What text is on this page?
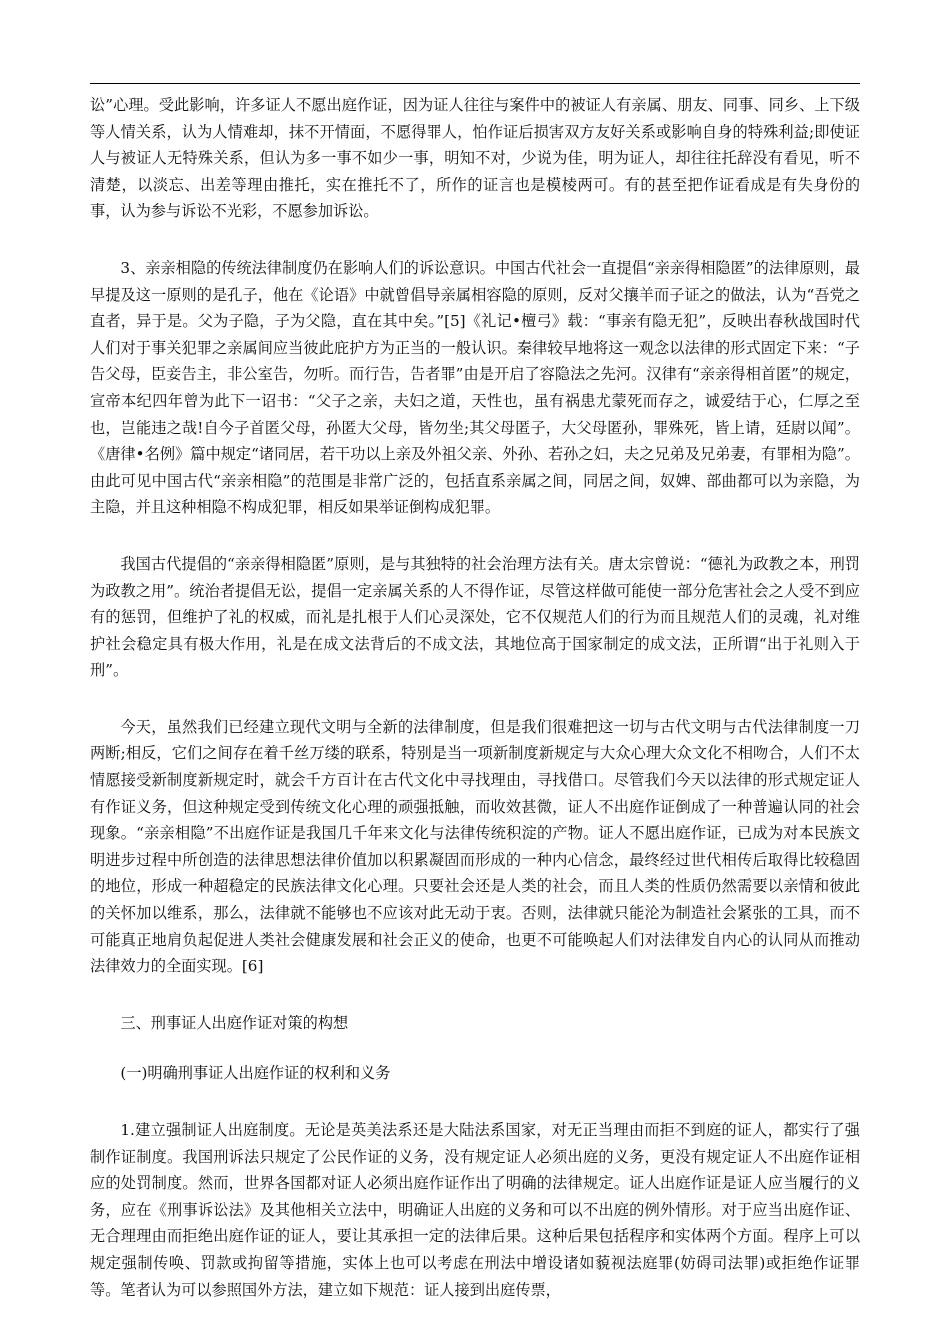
讼”心理。受此影响，许多证人不愿出庭作证，因为证人往往与案件中的被证人有亲属、朋友、同事、同乡、上下级等人情关系，认为人情难却，抹不开情面，不愿得罪人，怕作证后损害双方友好关系或影响自身的特殊利益;即使证人与被证人无特殊关系，但认为多一事不如少一事，明知不对，少说为佳，明为证人，却往往托辞没有看见，听不清楚，以淡忘、出差等理由推托，实在推托不了，所作的证言也是模棱两可。有的甚至把作证看成是有失身份的事，认为参与诉讼不光彩，不愿参加诉讼。

3、亲亲相隐的传统法律制度仍在影响人们的诉讼意识。中国古代社会一直提倡“亲亲得相隐匿”的法律原则，最早提及这一原则的是孔子，他在《论语》中就曾倡导亲属相容隐的原则，反对父攘羊而子证之的做法，认为“吾党之直者，异于是。父为子隐，子为父隐，直在其中矣。”[5]《礼记•檀弓》载：“事亲有隐无犯”，反映出春秋战国时代人们对于事关犯罪之亲属间应当彼此庇护方为正当的一般认识。秦律较早地将这一观念以法律的形式固定下来：“子告父母，臣妾告主，非公室告，勿听。而行告，告者罪”由是开启了容隐法之先河。汉律有“亲亲得相首匿”的规定，宣帝本纪四年曾为此下一诏书：“父子之亲，夫妇之道，天性也，虽有祸患尤蒙死而存之，诚爱结于心，仁厚之至也，岂能违之哉!自今子首匿父母，孙匿大父母，皆勿坐;其父母匿子，大父母匿孙，罪殊死，皆上请，廷尉以闻”。《唐律•名例》篇中规定“诸同居，若干功以上亲及外祖父亲、外孙、若孙之妇，夫之兄弟及兄弟妻，有罪相为隐”。由此可见中国古代“亲亲相隐”的范围是非常广泛的，包括直系亲属之间，同居之间，奴婢、部曲都可以为亲隐，为主隐，并且这种相隐不构成犯罪，相反如果举证倒构成犯罪。

我国古代提倡的“亲亲得相隐匿”原则，是与其独特的社会治理方法有关。唐太宗曾说：“德礼为政教之本，刑罚为政教之用”。统治者提倡无讼，提倡一定亲属关系的人不得作证，尽管这样做可能使一部分危害社会之人受不到应有的惩罚，但维护了礼的权威，而礼是扎根于人们心灵深处，它不仅规范人们的行为而且规范人们的灵魂，礼对维护社会稳定具有极大作用，礼是在成文法背后的不成文法，其地位高于国家制定的成文法，正所谓“出于礼则入于刑”。

今天，虽然我们已经建立现代文明与全新的法律制度，但是我们很难把这一切与古代文明与古代法律制度一刀两断;相反，它们之间存在着千丝万缕的联系，特别是当一项新制度新规定与大众心理大众文化不相吻合，人们不太情愿接受新制度新规定时，就会千方百计在古代文化中寻找理由，寻找借口。尽管我们今天以法律的形式规定证人有作证义务，但这种规定受到传统文化心理的顽强抵触，而收效甚微，证人不出庭作证倒成了一种普遍认同的社会现象。“亲亲相隐”不出庭作证是我国几千年来文化与法律传统积淀的产物。证人不愿出庭作证，已成为对本民族文明进步过程中所创造的法律思想法律价值加以积累凝固而形成的一种内心信念，最终经过世代相传后取得比较稳固的地位，形成一种超稳定的民族法律文化心理。只要社会还是人类的社会，而且人类的性质仍然需要以亲情和彼此的关怀加以维系，那么，法律就不能够也不应该对此无动于衷。否则，法律就只能沦为制造社会紧张的工具，而不可能真正地肩负起促进人类社会健康发展和社会正义的使命，也更不可能唤起人们对法律发自内心的认同从而推动法律效力的全面实现。[6]

三、刑事证人出庭作证对策的构想

(一)明确刑事证人出庭作证的权利和义务

1.建立强制证人出庭制度。无论是英美法系还是大陆法系国家，对无正当理由而拒不到庭的证人，都实行了强制作证制度。我国刑诉法只规定了公民作证的义务，没有规定证人必须出庭的义务，更没有规定证人不出庭作证相应的处罚制度。然而，世界各国都对证人必须出庭作证作出了明确的法律规定。证人出庭作证是证人应当履行的义务，应在《刑事诉讼法》及其他相关立法中，明确证人出庭的义务和可以不出庭的例外情形。对于应当出庭作证、无合理理由而拒绝出庭作证的证人，要让其承担一定的法律后果。这种后果包括程序和实体两个方面。程序上可以规定强制传唤、罚款或拘留等措施，实体上也可以考虑在刑法中增设诸如藐视法庭罪(妨碍司法罪)或拒绝作证罪等。笔者认为可以参照国外方法，建立如下规范：证人接到出庭传票，
